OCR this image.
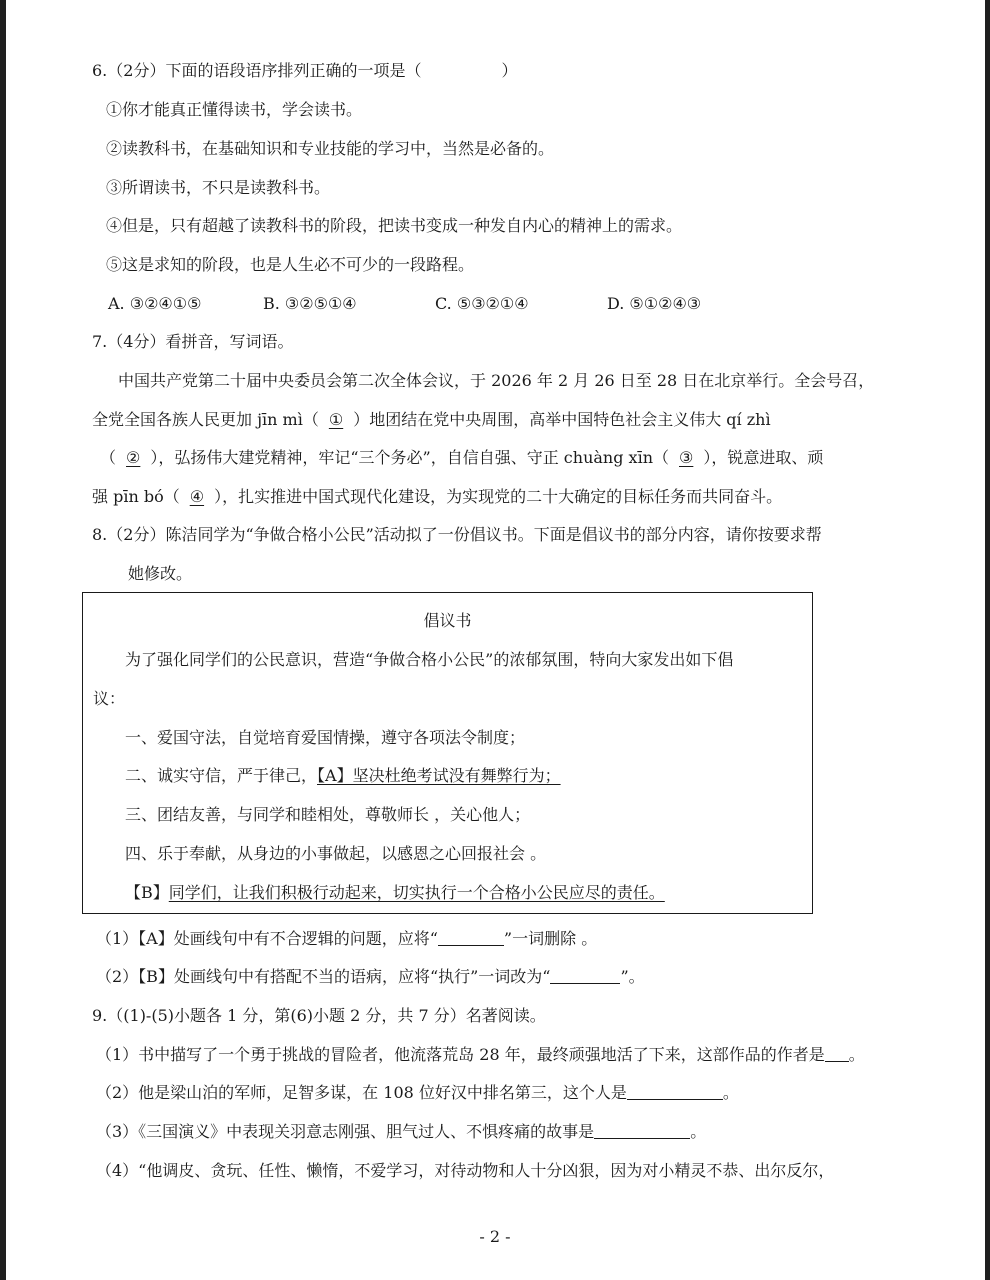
6.（2分）下面的语段语序排列正确的一项是（　　　　　）
①你才能真正懂得读书，学会读书。
②读教科书，在基础知识和专业技能的学习中，当然是必备的。
③所谓读书，不只是读教科书。
④但是，只有超越了读教科书的阶段，把读书变成一种发自内心的精神上的需求。
⑤这是求知的阶段，也是人生必不可少的一段路程。
A. ③②④①⑤	B. ③②⑤①④	C. ⑤③②①④	D. ⑤①②④③
7.（4分）看拼音，写词语。
中国共产党第二十届中央委员会第二次全体会议，于 2026 年 2 月 26 日至 28 日在北京举行。全会号召，
全党全国各族人民更加 jīn mì（ ① ）地团结在党中央周围，高举中国特色社会主义伟大 qí zhì
（ ② ），弘扬伟大建党精神，牢记“三个务必”，自信自强、守正 chuàng xīn（ ③ ），锐意进取、顽
强 pīn bó（ ④ ），扎实推进中国式现代化建设，为实现党的二十大确定的目标任务而共同奋斗。
8.（2分）陈洁同学为“争做合格小公民”活动拟了一份倡议书。下面是倡议书的部分内容，请你按要求帮
她修改。
倡议书
为了强化同学们的公民意识，营造“争做合格小公民”的浓郁氛围，特向大家发出如下倡
议：
一、爱国守法，自觉培育爱国情操，遵守各项法令制度；
二、诚实守信，严于律己，【A】坚决杜绝考试没有舞弊行为；
三、团结友善，与同学和睦相处，尊敬师长 ，关心他人；
四、乐于奉献，从身边的小事做起，以感恩之心回报社会 。
【B】同学们，让我们积极行动起来，切实执行一个合格小公民应尽的责任。
（1）【A】处画线句中有不合逻辑的问题，应将“	”一词删除 。
（2）【B】处画线句中有搭配不当的语病，应将“执行”一词改为“	”。
9.（(1)-(5)小题各 1 分，第(6)小题 2 分，共 7 分）名著阅读。
（1）书中描写了一个勇于挑战的冒险者，他流落荒岛 28 年，最终顽强地活了下来，这部作品的作者是 。
（2）他是梁山泊的军师，足智多谋，在 108 位好汉中排名第三，这个人是	。
（3）《三国演义》中表现关羽意志刚强、胆气过人、不惧疼痛的故事是	。
（4）“他调皮、贪玩、任性、懒惰，不爱学习，对待动物和人十分凶狠，因为对小精灵不恭、出尔反尔，
- 2 -
